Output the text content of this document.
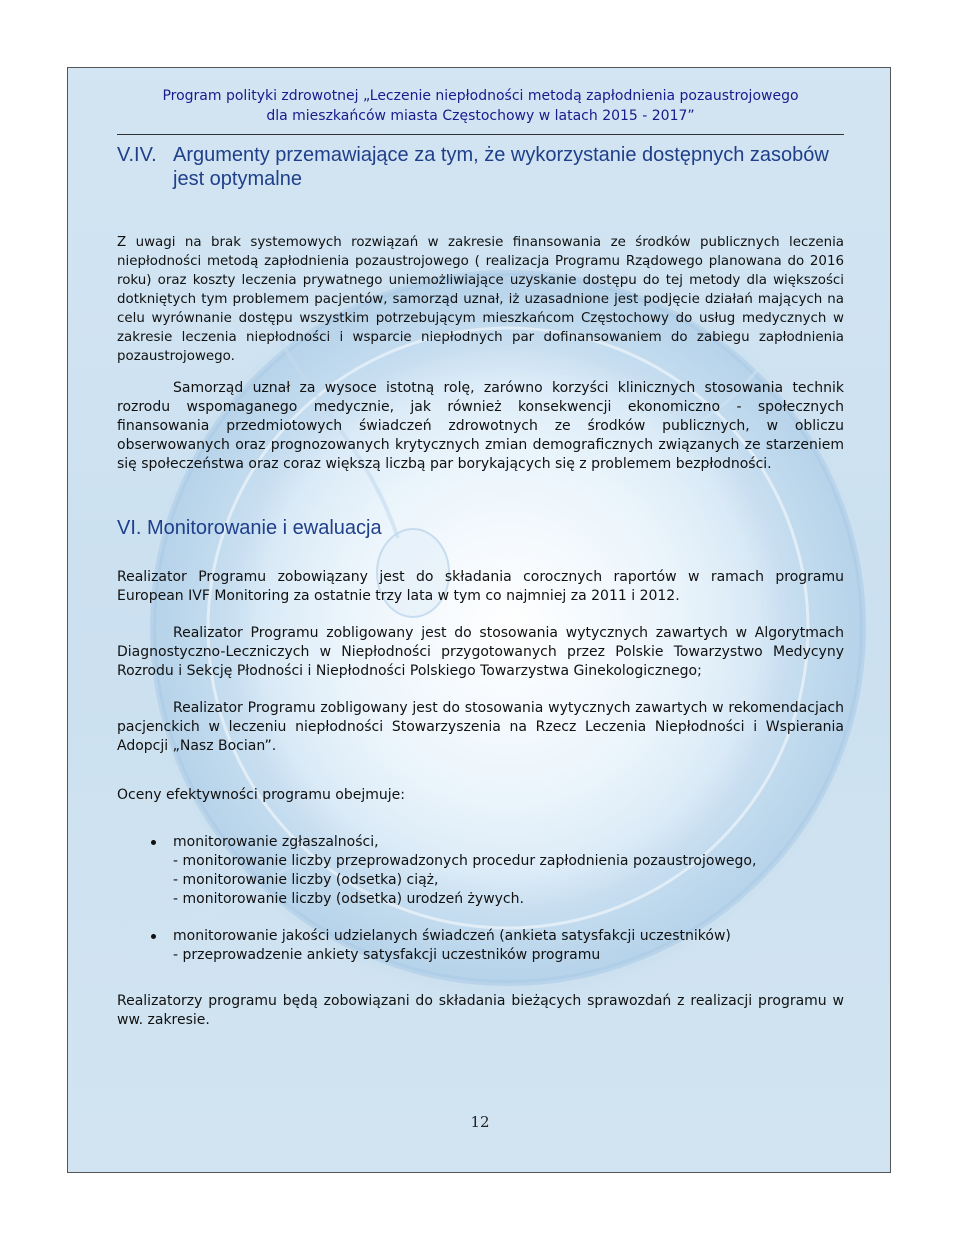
Program polityki zdrowotnej „Leczenie niepłodności metodą zapłodnienia pozaustrojowego
dla mieszkańców miasta Częstochowy w latach 2015 - 2017”
V.IV. Argumenty przemawiające za tym, że wykorzystanie dostępnych zasobów jest optymalne

Z uwagi na brak systemowych rozwiązań w zakresie finansowania ze środków publicznych leczenia niepłodności metodą zapłodnienia pozaustrojowego ( realizacja Programu Rządowego planowana do 2016 roku) oraz koszty leczenia prywatnego uniemożliwiające uzyskanie dostępu do tej metody dla większości dotkniętych tym problemem pacjentów, samorząd uznał, iż uzasadnione jest podjęcie działań mających na celu wyrównanie dostępu wszystkim potrzebującym mieszkańcom Częstochowy do usług medycznych w zakresie leczenia niepłodności i wsparcie niepłodnych par dofinansowaniem do zabiegu zapłodnienia pozaustrojowego.

Samorząd uznał za wysoce istotną rolę, zarówno korzyści klinicznych stosowania technik rozrodu wspomaganego medycznie, jak również konsekwencji ekonomiczno - społecznych finansowania przedmiotowych świadczeń zdrowotnych ze środków publicznych, w obliczu obserwowanych oraz prognozowanych krytycznych zmian demograficznych związanych ze starzeniem się społeczeństwa oraz coraz większą liczbą par borykających się z problemem bezpłodności.

VI. Monitorowanie i ewaluacja

Realizator Programu zobowiązany jest do składania corocznych raportów w ramach programu European IVF Monitoring za ostatnie trzy lata w tym co najmniej za 2011 i 2012.

Realizator Programu zobligowany jest do stosowania wytycznych zawartych w Algorytmach Diagnostyczno-Leczniczych w Niepłodności przygotowanych przez Polskie Towarzystwo Medycyny Rozrodu i Sekcję Płodności i Niepłodności Polskiego Towarzystwa Ginekologicznego;

Realizator Programu zobligowany jest do stosowania wytycznych zawartych w rekomendacjach pacjenckich w leczeniu niepłodności Stowarzyszenia na Rzecz Leczenia Niepłodności i Wspierania Adopcji „Nasz Bocian”.

Oceny efektywności programu obejmuje:

monitorowanie zgłaszalności,
- monitorowanie liczby przeprowadzonych procedur zapłodnienia pozaustrojowego,
- monitorowanie liczby (odsetka) ciąż,
- monitorowanie liczby (odsetka) urodzeń żywych.
monitorowanie jakości udzielanych świadczeń (ankieta satysfakcji uczestników)
- przeprowadzenie ankiety satysfakcji uczestników programu

Realizatorzy programu będą zobowiązani do składania bieżących sprawozdań z realizacji programu w ww. zakresie.

12
